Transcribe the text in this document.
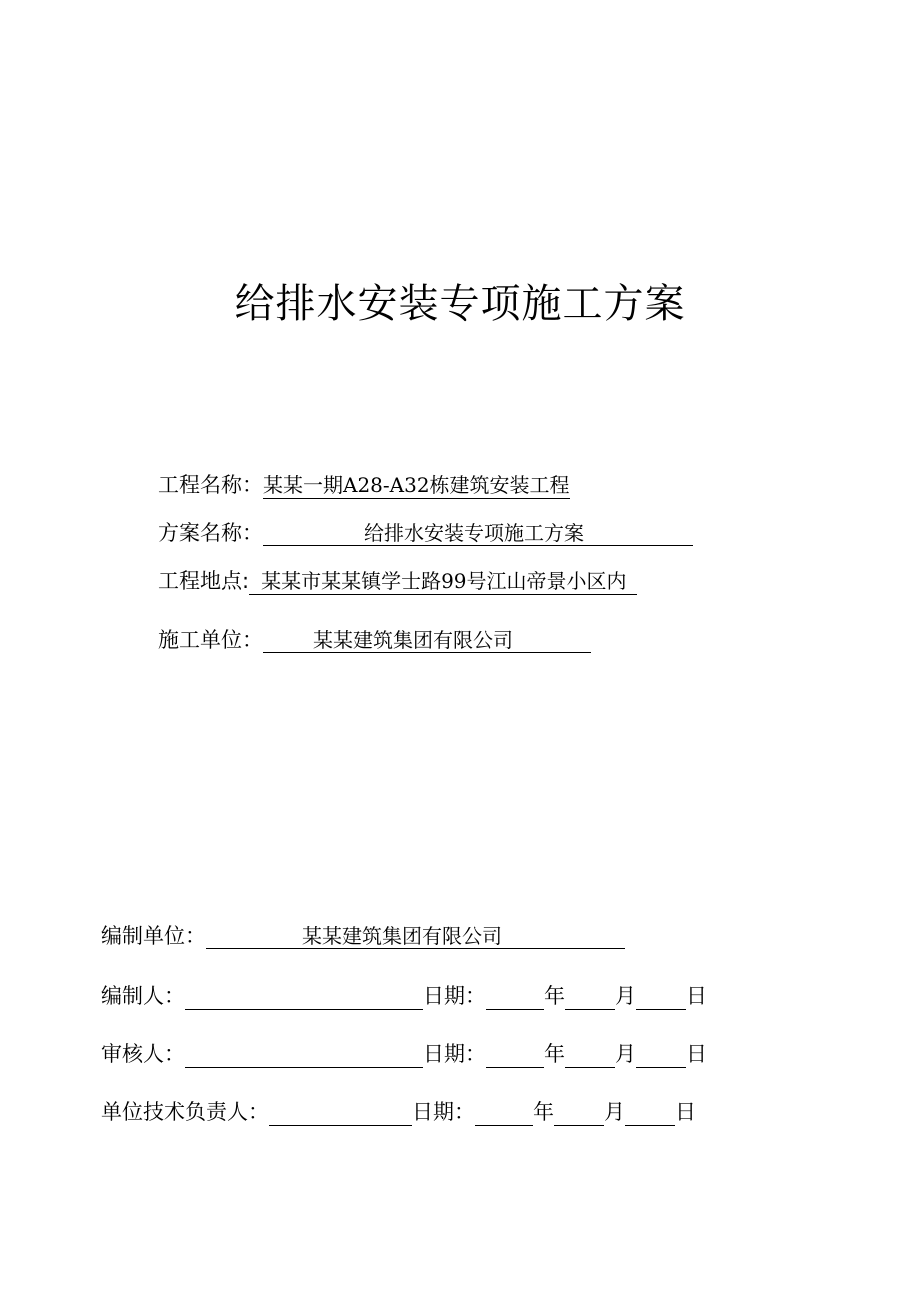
给排水安装专项施工方案
工程名称：某某一期A28-A32栋建筑安装工程
方案名称：	给排水安装专项施工方案
工程地点: 某某市某某镇学士路99号江山帝景小区内
施工单位：	某某建筑集团有限公司
编制单位：	某某建筑集团有限公司
编制人：	日期：	年 月 日
审核人：	日期：	年 月 日
单位技术负责人：	日期：	年 月 日
